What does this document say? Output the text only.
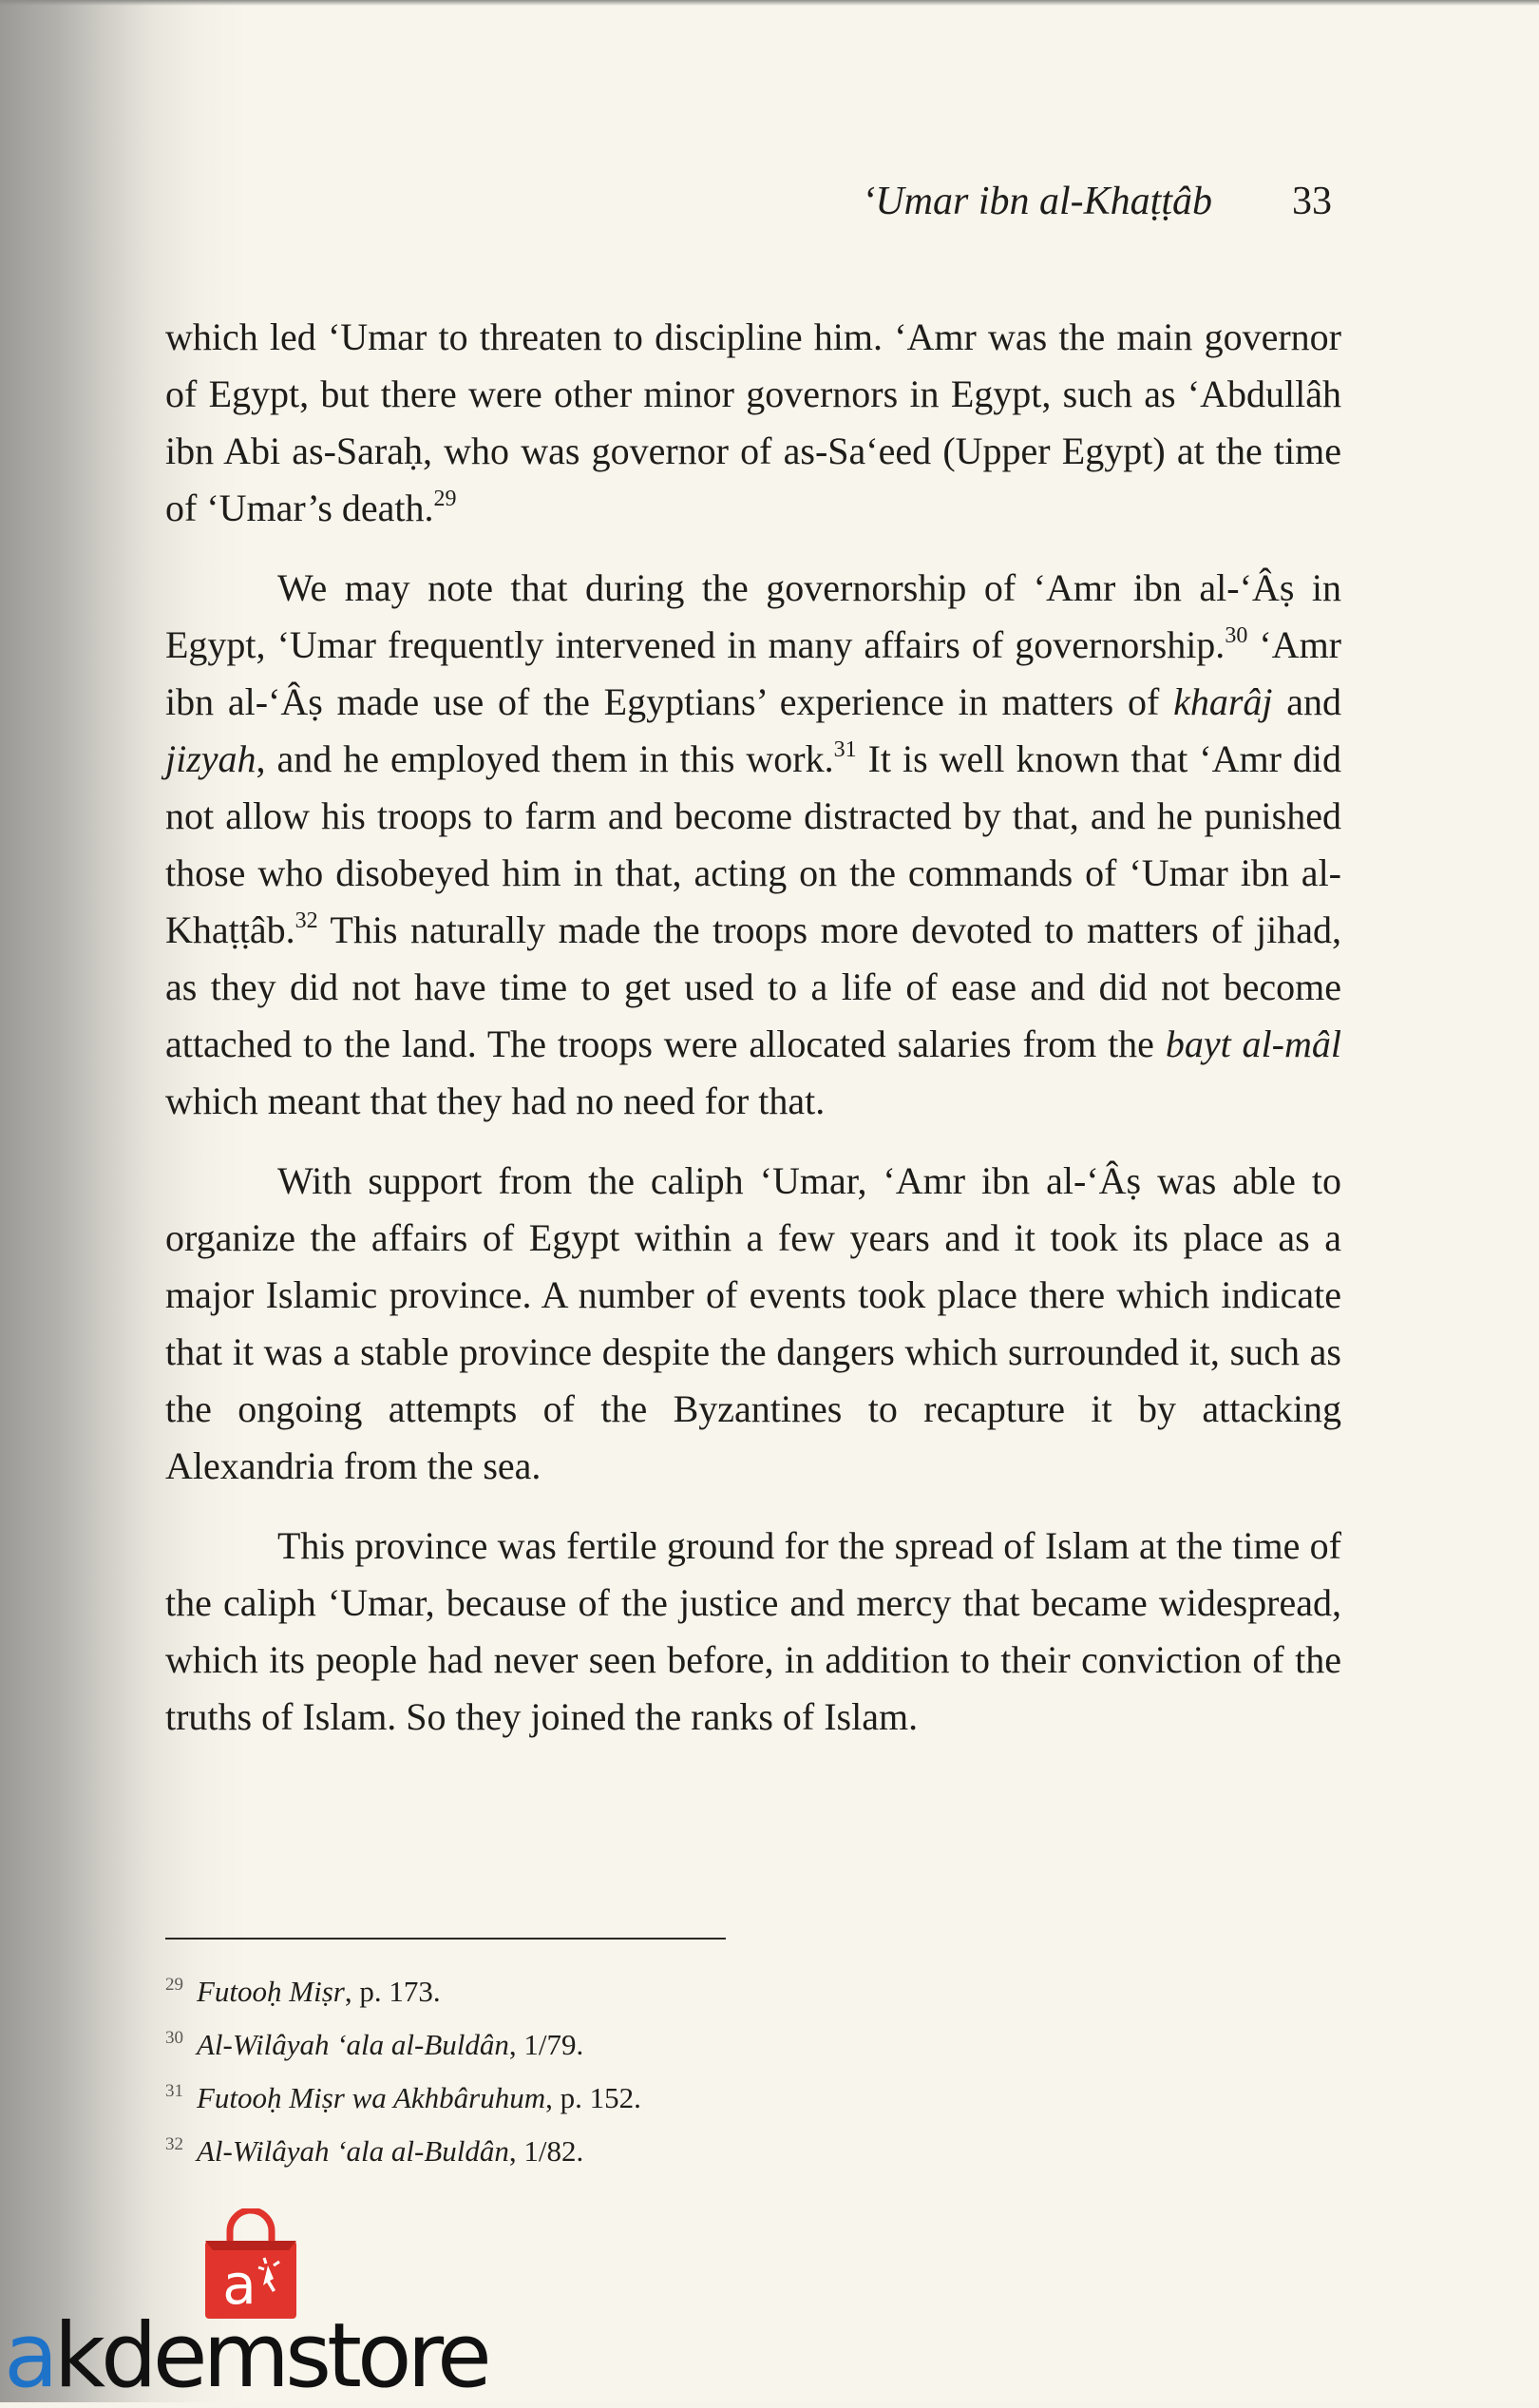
‘Umar ibn al-Khaṭṭâb 33

which led ‘Umar to threaten to discipline him. ‘Amr was the main governor of Egypt, but there were other minor governors in Egypt, such as ‘Abdullâh ibn Abi as-Saraḥ, who was governor of as-Sa‘eed (Upper Egypt) at the time of ‘Umar’s death.$^{29}$

We may note that during the governorship of ‘Amr ibn al-‘Âṣ in Egypt, ‘Umar frequently intervened in many affairs of governorship.$^{30}$ ‘Amr ibn al-‘Âṣ made use of the Egyptians’ experience in matters of kharâj and jizyah, and he employed them in this work.$^{31}$ It is well known that ‘Amr did not allow his troops to farm and become distracted by that, and he punished those who disobeyed him in that, acting on the commands of ‘Umar ibn al-Khaṭṭâb.$^{32}$ This naturally made the troops more devoted to matters of jihad, as they did not have time to get used to a life of ease and did not become attached to the land. The troops were allocated salaries from the bayt al-mâl which meant that they had no need for that.

With support from the caliph ‘Umar, ‘Amr ibn al-‘Âṣ was able to organize the affairs of Egypt within a few years and it took its place as a major Islamic province. A number of events took place there which indicate that it was a stable province despite the dangers which surrounded it, such as the ongoing attempts of the Byzantines to recapture it by attacking Alexandria from the sea.

This province was fertile ground for the spread of Islam at the time of the caliph ‘Umar, because of the justice and mercy that became widespread, which its people had never seen before, in addition to their conviction of the truths of Islam. So they joined the ranks of Islam.

$^{29}$ Futooḥ Miṣr, p. 173.
$^{30}$ Al-Wilâyah ‘ala al-Buldân, 1/79.
$^{31}$ Futooḥ Miṣr wa Akhbâruhum, p. 152.
$^{32}$ Al-Wilâyah ‘ala al-Buldân, 1/82.
a
akdemstore
